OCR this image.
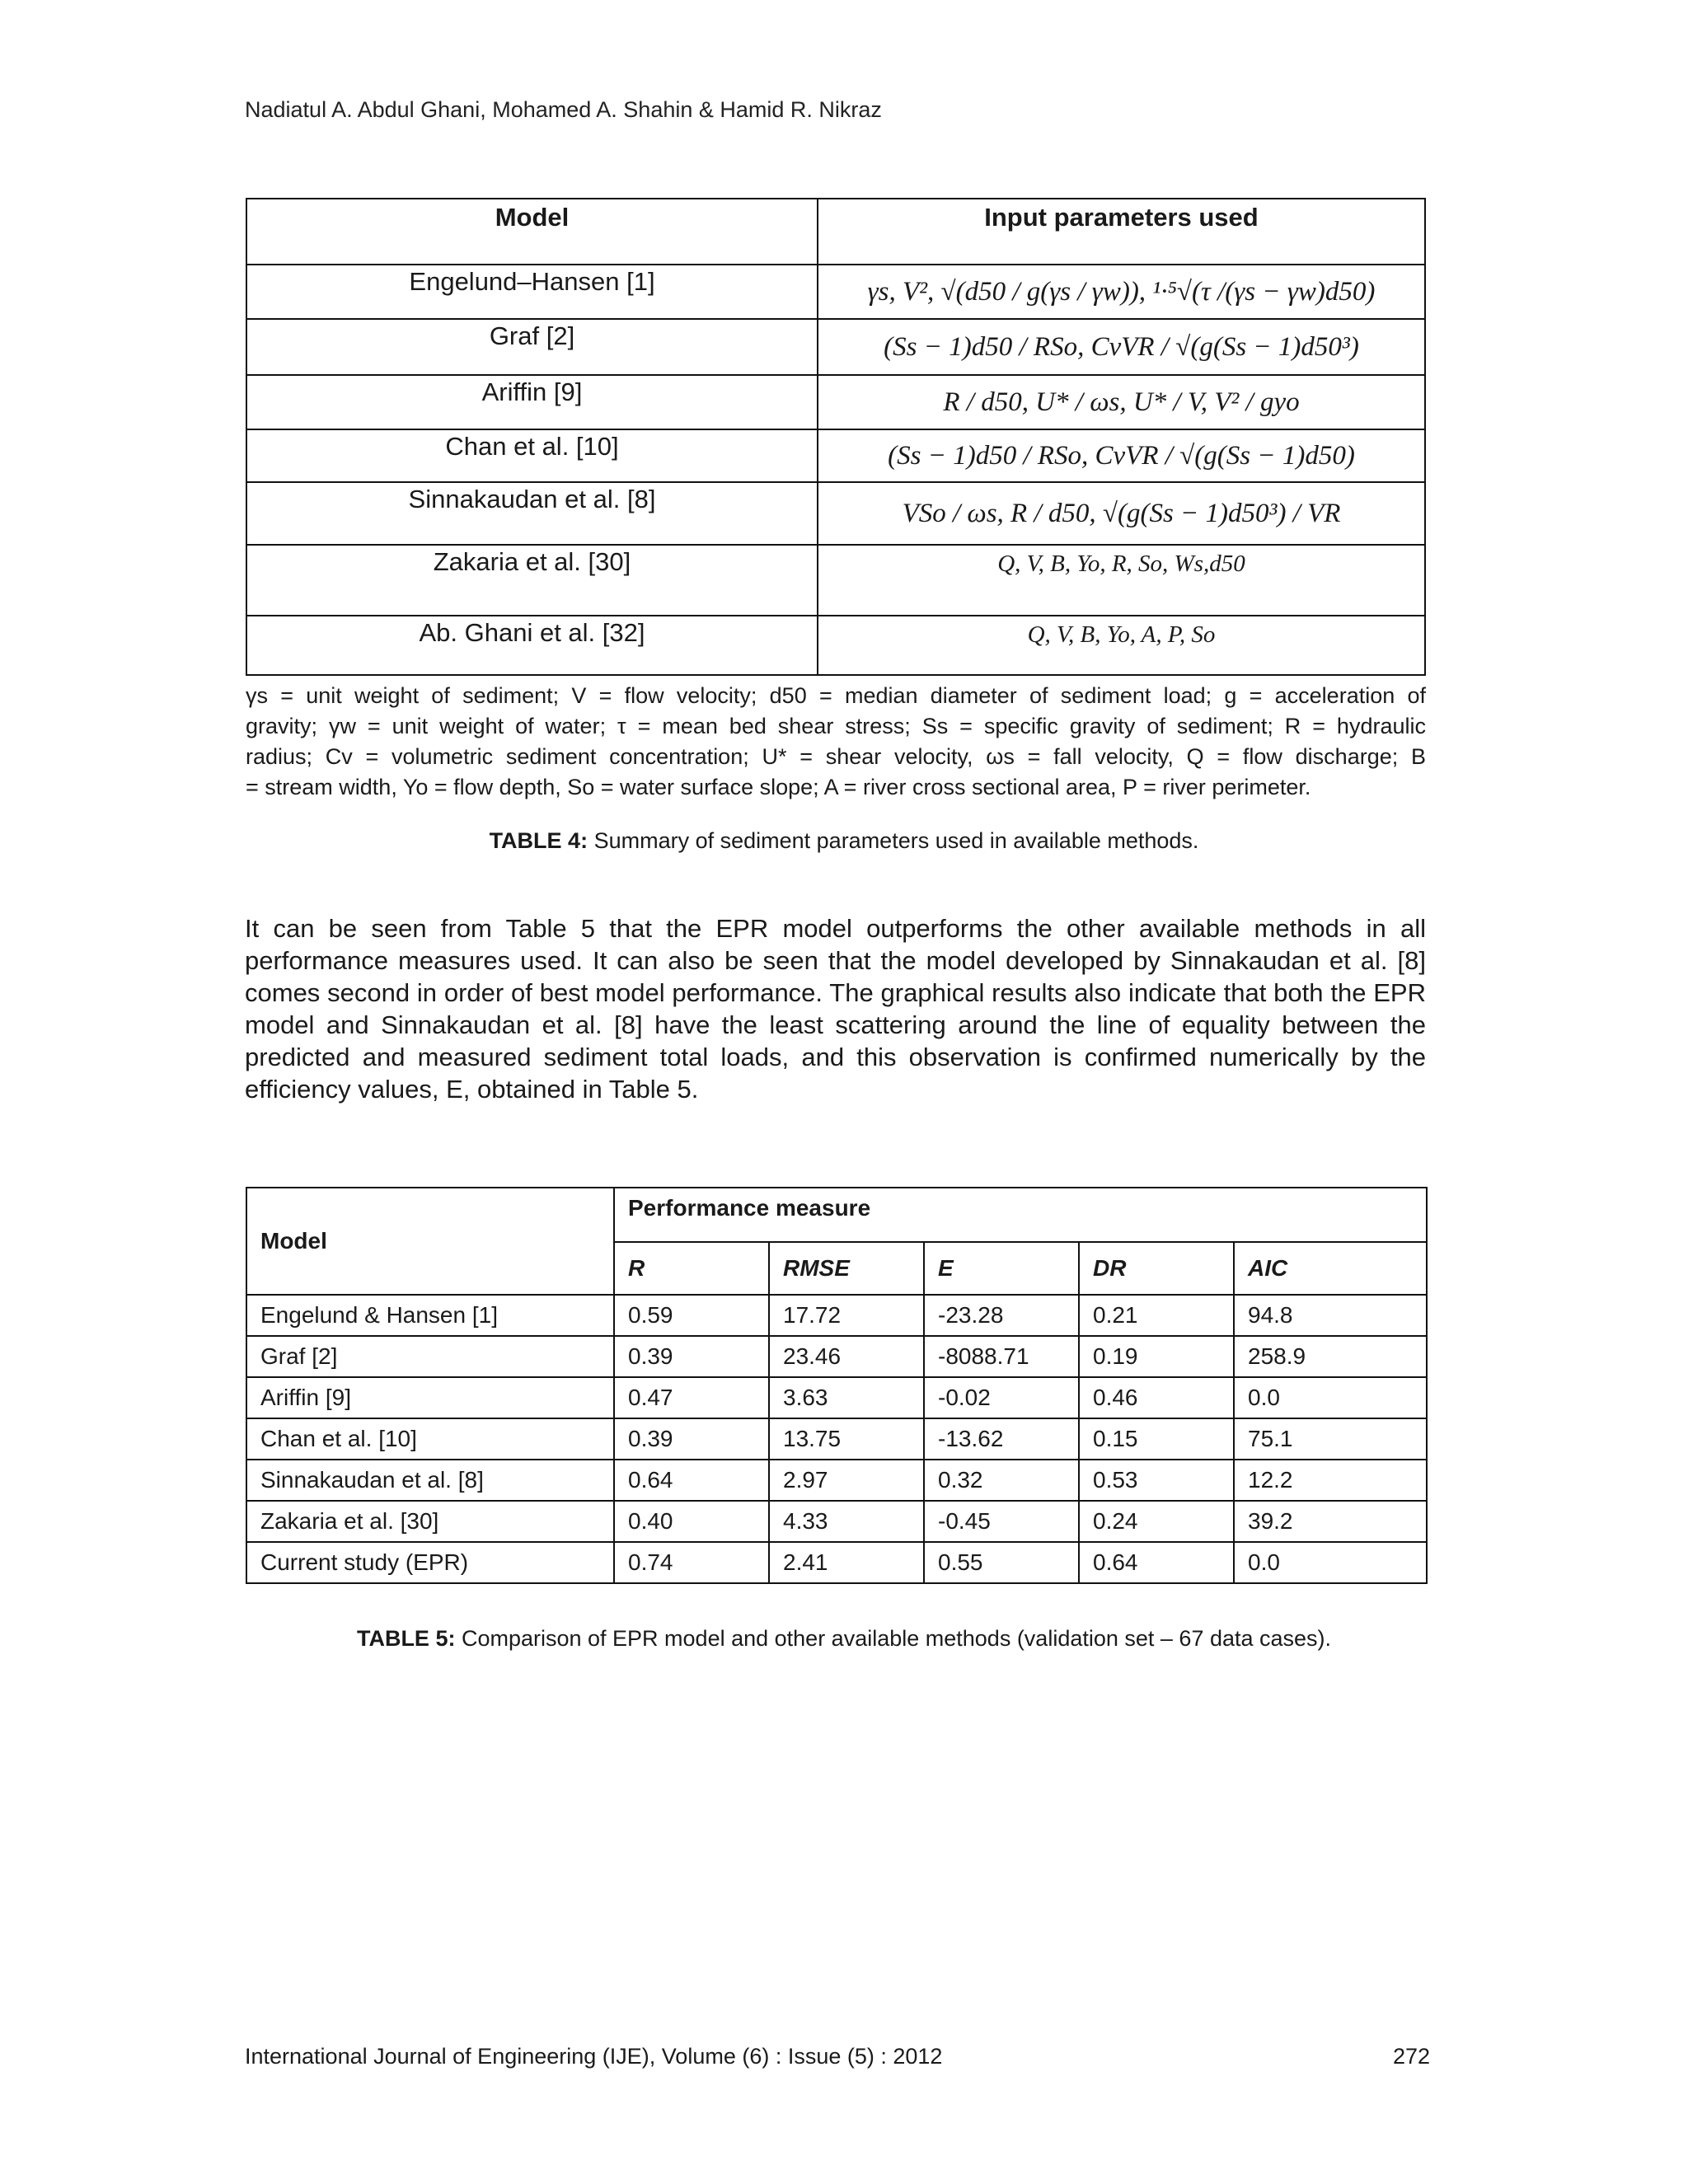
Nadiatul A. Abdul Ghani, Mohamed A. Shahin & Hamid R. Nikraz
Model	Input parameters used
Engelund–Hansen [1]	γs, V², √(d50 / g(γs / γw)), ¹·⁵√(τ /(γs − γw)d50)
Graf [2]	(Ss − 1)d50 / RSo, CvVR / √(g(Ss − 1)d50³)
Ariffin [9]	R / d50, U* / ωs, U* / V, V² / gyo
Chan et al. [10]	(Ss − 1)d50 / RSo, CvVR / √(g(Ss − 1)d50)
Sinnakaudan et al. [8]	VSo / ωs, R / d50, √(g(Ss − 1)d50³) / VR
Zakaria et al. [30]	Q, V, B, Yo, R, So, Ws,d50
Ab. Ghani et al. [32]	Q, V, B, Yo, A, P, So
γs = unit weight of sediment; V = flow velocity; d50 = median diameter of sediment load; g = acceleration of
gravity; γw = unit weight of water; τ = mean bed shear stress; Ss = specific gravity of sediment; R = hydraulic
radius; Cv = volumetric sediment concentration; U* = shear velocity, ωs = fall velocity, Q = flow discharge; B
= stream width, Yo = flow depth, So = water surface slope; A = river cross sectional area, P = river perimeter.
TABLE 4: Summary of sediment parameters used in available methods.
It can be seen from Table 5 that the EPR model outperforms the other available methods in all performance measures used. It can also be seen that the model developed by Sinnakaudan et al. [8] comes second in order of best model performance. The graphical results also indicate that both the EPR model and Sinnakaudan et al. [8] have the least scattering around the line of equality between the predicted and measured sediment total loads, and this observation is confirmed numerically by the efficiency values, E, obtained in Table 5.
Model	Performance measure				
	R	RMSE	E	DR	AIC
Engelund & Hansen [1]	0.59	17.72	-23.28	0.21	94.8
Graf [2]	0.39	23.46	-8088.71	0.19	258.9
Ariffin [9]	0.47	3.63	-0.02	0.46	0.0
Chan et al. [10]	0.39	13.75	-13.62	0.15	75.1
Sinnakaudan et al. [8]	0.64	2.97	0.32	0.53	12.2
Zakaria et al. [30]	0.40	4.33	-0.45	0.24	39.2
Current study (EPR)	0.74	2.41	0.55	0.64	0.0
TABLE 5: Comparison of EPR model and other available methods (validation set – 67 data cases).
International Journal of Engineering (IJE), Volume (6) : Issue (5) : 2012	272
